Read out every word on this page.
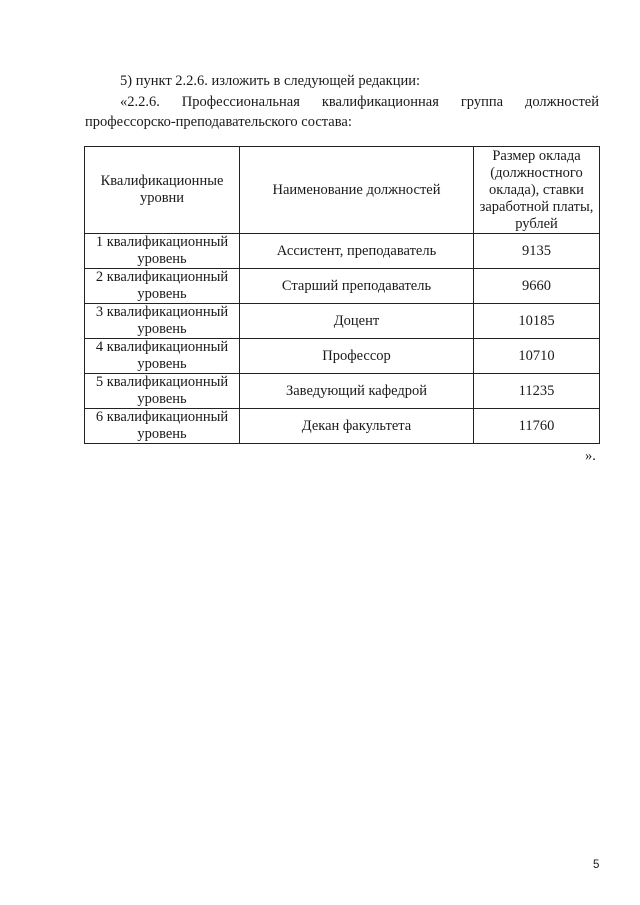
5) пункт 2.2.6. изложить в следующей редакции:
«2.2.6. Профессиональная квалификационная группа должностей
профессорско-преподавательского состава:
Квалификационные уровни	Наименование должностей	Размер оклада (должностного оклада), ставки заработной платы, рублей
1 квалификационный уровень	Ассистент, преподаватель	9135
2 квалификационный уровень	Старший преподаватель	9660
3 квалификационный уровень	Доцент	10185
4 квалификационный уровень	Профессор	10710
5 квалификационный уровень	Заведующий кафедрой	11235
6 квалификационный уровень	Декан факультета	11760
».
5
